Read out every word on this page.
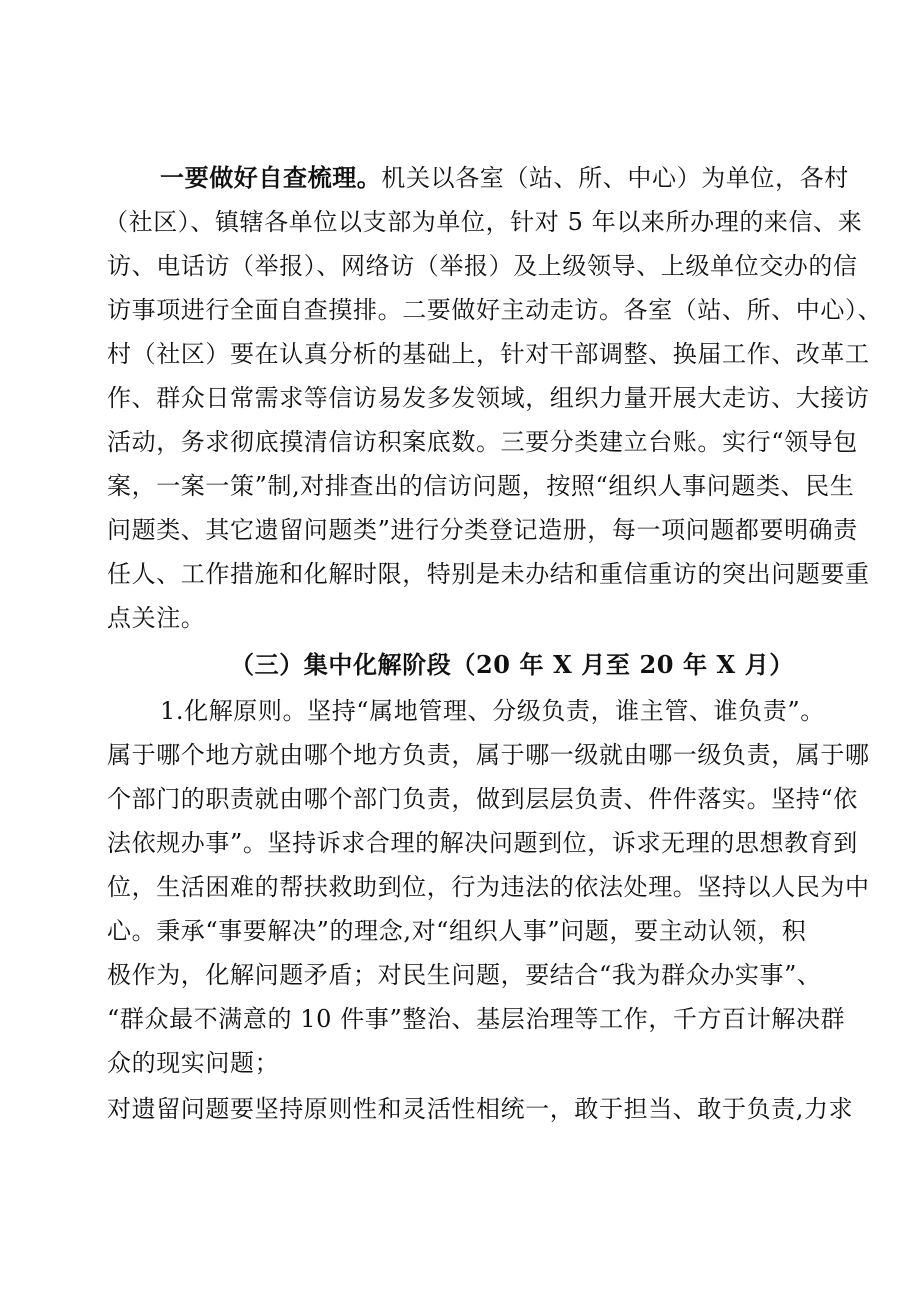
一要做好自查梳理。机关以各室（站、所、中心）为单位，各村
（社区）、镇辖各单位以支部为单位，针对 5 年以来所办理的来信、来
访、电话访（举报）、网络访（举报）及上级领导、上级单位交办的信
访事项进行全面自查摸排。二要做好主动走访。各室（站、所、中心）、
村（社区）要在认真分析的基础上，针对干部调整、换届工作、改革工
作、群众日常需求等信访易发多发领域，组织力量开展大走访、大接访
活动，务求彻底摸清信访积案底数。三要分类建立台账。实行“领导包
案，一案一策”制,对排查出的信访问题，按照“组织人事问题类、民生
问题类、其它遗留问题类”进行分类登记造册，每一项问题都要明确责
任人、工作措施和化解时限，特别是未办结和重信重访的突出问题要重
点关注。
（三）集中化解阶段（20 年 X 月至 20 年 X 月）
1.化解原则。坚持“属地管理、分级负责，谁主管、谁负责”。
属于哪个地方就由哪个地方负责，属于哪一级就由哪一级负责，属于哪
个部门的职责就由哪个部门负责，做到层层负责、件件落实。坚持“依
法依规办事”。坚持诉求合理的解决问题到位，诉求无理的思想教育到
位，生活困难的帮扶救助到位，行为违法的依法处理。坚持以人民为中
心。秉承“事要解决”的理念,对“组织人事”问题，要主动认领，积
极作为，化解问题矛盾；对民生问题，要结合“我为群众办实事”、
“群众最不满意的 10 件事”整治、基层治理等工作，千方百计解决群
众的现实问题；
对遗留问题要坚持原则性和灵活性相统一，敢于担当、敢于负责,力求
